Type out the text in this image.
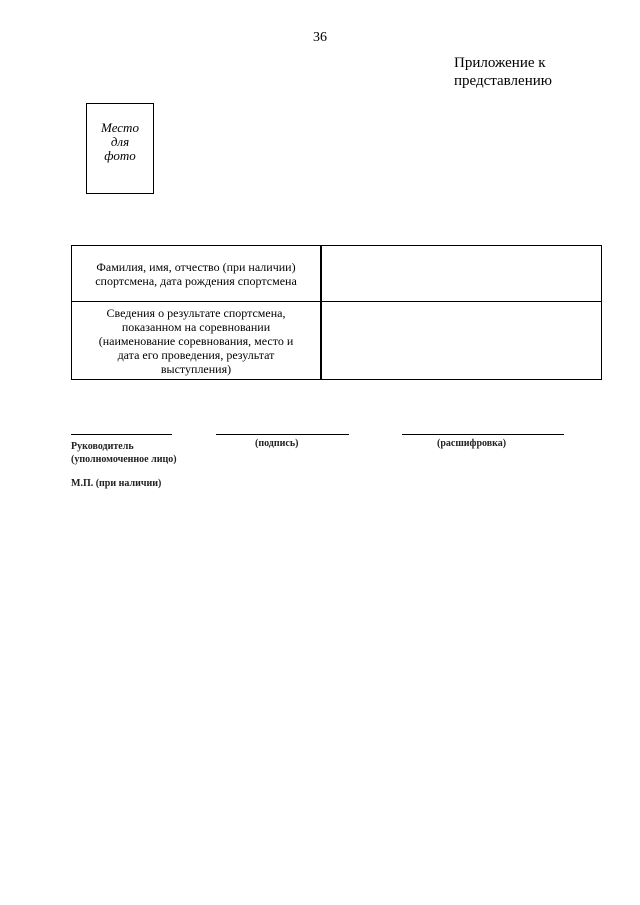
36
Приложение к
представлению
Место
для
фото
Фамилия, имя, отчество (при наличии)
спортсмена, дата рождения спортсмена	

Сведения о результате спортсмена,
показанном на соревновании
(наименование соревнования, место и
дата его проведения, результат
выступления)	

Руководитель
(уполномоченное лицо)
(подпись)	(расшифровка)
М.П. (при наличии)
